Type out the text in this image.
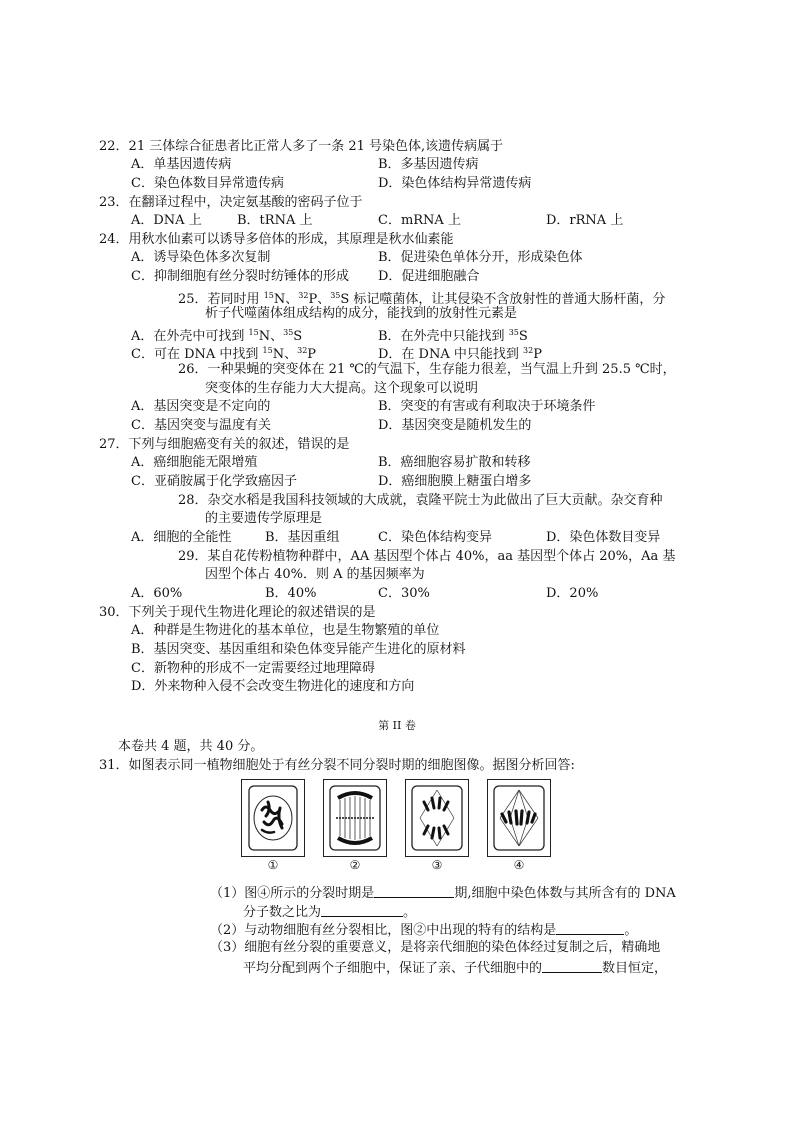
22．21 三体综合征患者比正常人多了一条 21 号染色体,该遗传病属于
A．单基因遗传病	B．多基因遗传病
C．染色体数目异常遗传病	D．染色体结构异常遗传病
23．在翻译过程中，决定氨基酸的密码子位于
A．DNA 上	B．tRNA 上	C．mRNA 上	D．rRNA 上
24．用秋水仙素可以诱导多倍体的形成，其原理是秋水仙素能
A．诱导染色体多次复制	B．促进染色单体分开，形成染色体
C．抑制细胞有丝分裂时纺锤体的形成 D．促进细胞融合
25．若同时用 $^{15}$N、$^{32}$P、$^{35}$S 标记噬菌体，让其侵染不含放射性的普通大肠杆菌，分
析子代噬菌体组成结构的成分，能找到的放射性元素是
A．在外壳中可找到 $^{15}$N、$^{35}$S	B．在外壳中只能找到 $^{35}$S
C．可在 DNA 中找到 $^{15}$N、$^{32}$P	D．在 DNA 中只能找到 $^{32}$P
26．一种果蝇的突变体在 21 ℃的气温下，生存能力很差，当气温上升到 25.5 ℃时，
突变体的生存能力大大提高。这个现象可以说明
A．基因突变是不定向的	B．突变的有害或有利取决于环境条件
C．基因突变与温度有关	D．基因突变是随机发生的
27．下列与细胞癌变有关的叙述，错误的是
A．癌细胞能无限增殖	B．癌细胞容易扩散和转移
C．亚硝胺属于化学致癌因子	D．癌细胞膜上糖蛋白增多
28．杂交水稻是我国科技领域的大成就，袁隆平院士为此做出了巨大贡献。杂交育种
的主要遗传学原理是
A．细胞的全能性	B．基因重组	C．染色体结构变异	D．染色体数目变异
29．某自花传粉植物种群中，AA 基因型个体占 40%，aa 基因型个体占 20%，Aa 基
因型个体占 40%．则 A 的基因频率为
A．60%	B．40%	C．30%	D．20%
30．下列关于现代生物进化理论的叙述错误的是
A．种群是生物进化的基本单位，也是生物繁殖的单位
B．基因突变、基因重组和染色体变异能产生进化的原材料
C．新物种的形成不一定需要经过地理障碍
D．外来物种入侵不会改变生物进化的速度和方向
第 II 卷
本卷共 4 题，共 40 分。
31．如图表示同一植物细胞处于有丝分裂不同分裂时期的细胞图像。据图分析回答:
①	②	③	④
（1）图④所示的分裂时期是	期,细胞中染色体数与其所含有的 DNA
分子数之比为	。
（2）与动物细胞有丝分裂相比，图②中出现的特有的结构是	。
（3）细胞有丝分裂的重要意义，是将亲代细胞的染色体经过复制之后，精确地
平均分配到两个子细胞中，保证了亲、子代细胞中的	数目恒定，
